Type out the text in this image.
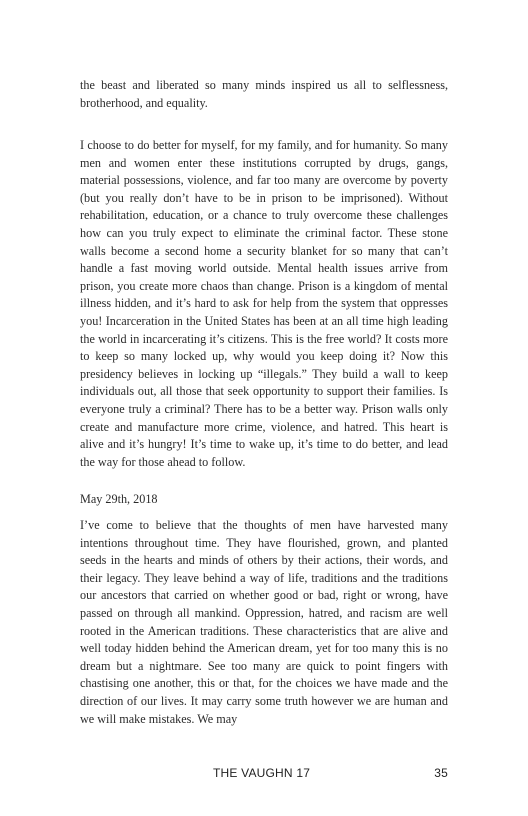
the beast and liberated so many minds inspired us all to selflessness, brotherhood, and equality.

I choose to do better for myself, for my family, and for humanity. So many men and women enter these institutions corrupted by drugs, gangs, material possessions, violence, and far too many are overcome by poverty (but you really don’t have to be in prison to be imprisoned). Without rehabilitation, education, or a chance to truly overcome these challenges how can you truly expect to eliminate the criminal factor. These stone walls become a second home a security blanket for so many that can’t handle a fast moving world outside. Mental health issues arrive from prison, you create more chaos than change. Prison is a kingdom of mental illness hidden, and it’s hard to ask for help from the system that oppresses you! Incarceration in the United States has been at an all time high leading the world in incarcerating it’s citizens. This is the free world? It costs more to keep so many locked up, why would you keep doing it? Now this presidency believes in locking up “illegals.” They build a wall to keep individuals out, all those that seek opportunity to support their families. Is everyone truly a criminal? There has to be a better way. Prison walls only create and manufacture more crime, violence, and hatred. This heart is alive and it’s hungry! It’s time to wake up, it’s time to do better, and lead the way for those ahead to follow.

May 29th, 2018

I’ve come to believe that the thoughts of men have harvested many intentions throughout time. They have flourished, grown, and planted seeds in the hearts and minds of others by their actions, their words, and their legacy. They leave behind a way of life, traditions and the traditions our ancestors that carried on whether good or bad, right or wrong, have passed on through all mankind. Oppression, hatred, and racism are well rooted in the American traditions. These characteristics that are alive and well today hidden behind the American dream, yet for too many this is no dream but a nightmare. See too many are quick to point fingers with chastising one another, this or that, for the choices we have made and the direction of our lives. It may carry some truth however we are human and we will make mistakes. We may

THE VAUGHN 17	35
